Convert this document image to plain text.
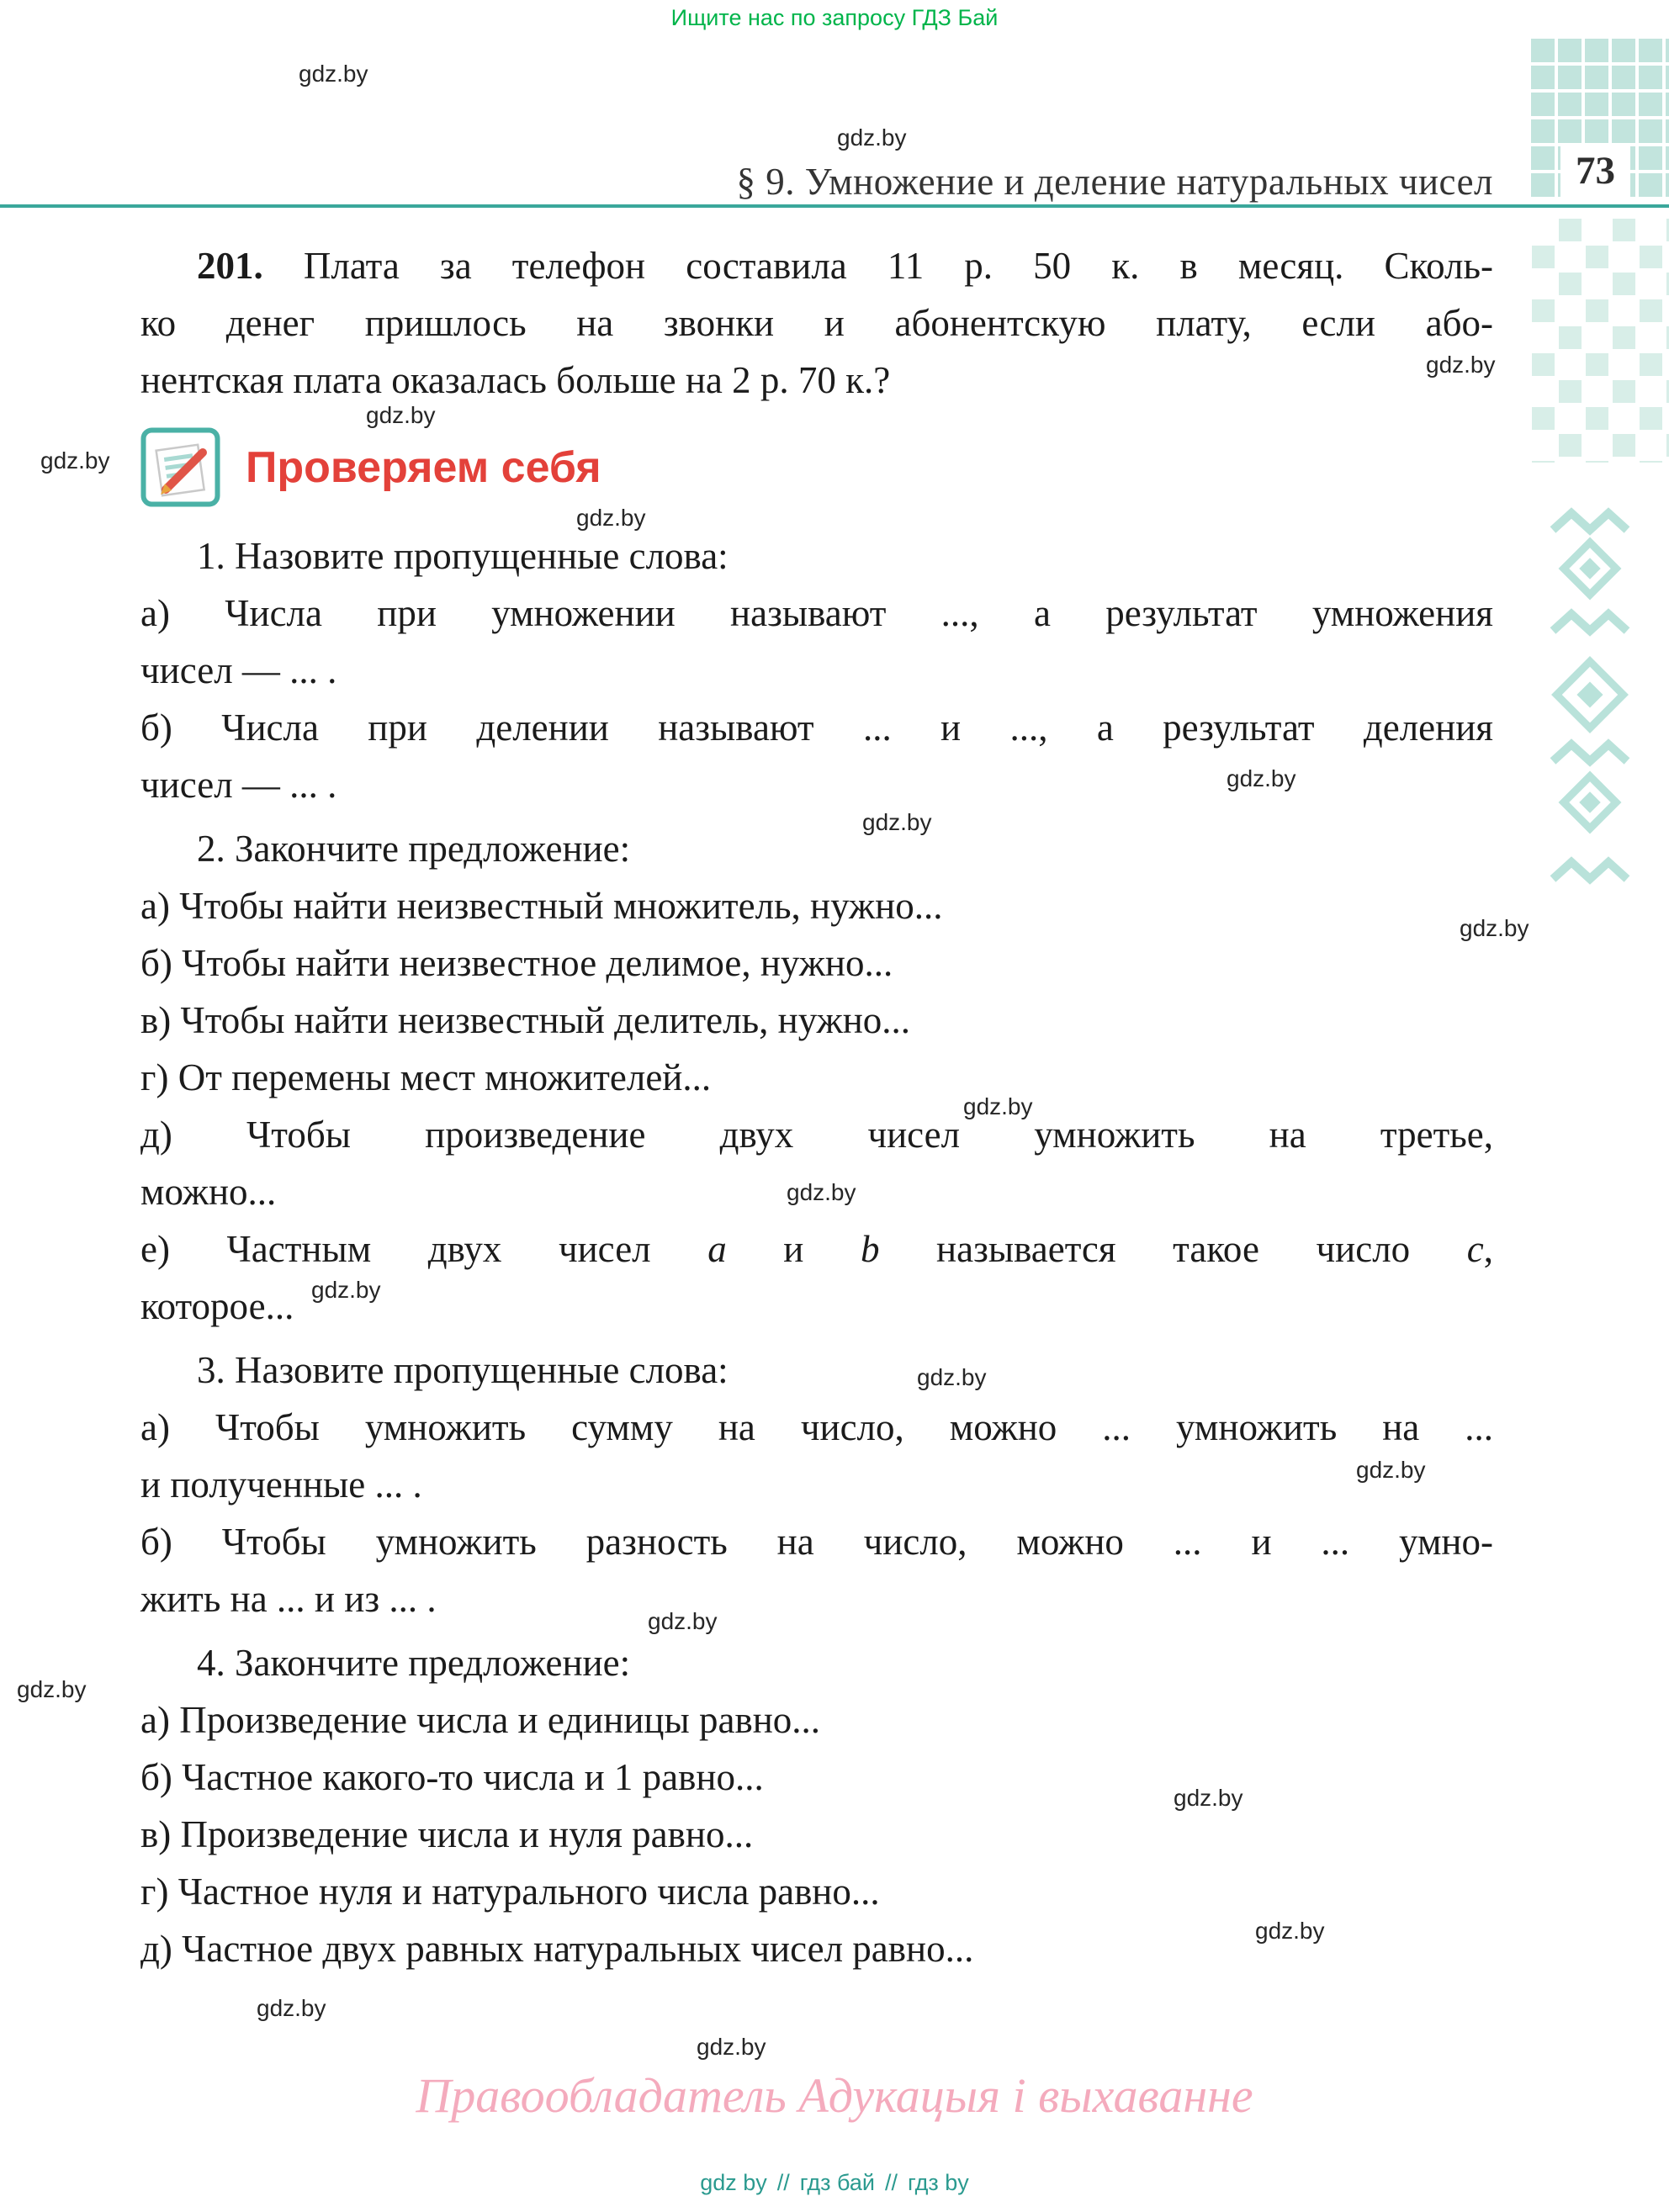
Ищите нас по запросу ГДЗ Бай
§ 9. Умножение и деление натуральных чисел	73
201. Плата за телефон составила 11 р. 50 к. в месяц. Сколь-
ко денег пришлось на звонки и абонентскую плату, если або-
нентская плата оказалась больше на 2 р. 70 к.?
Проверяем себя
1. Назовите пропущенные слова:
а) Числа при умножении называют ..., а результат умножения
чисел — ... .
б) Числа при делении называют ... и ..., а результат деления
чисел — ... .
2. Закончите предложение:
а) Чтобы найти неизвестный множитель, нужно...
б) Чтобы найти неизвестное делимое, нужно...
в) Чтобы найти неизвестный делитель, нужно...
г) От перемены мест множителей...
д) Чтобы произведение двух чисел умножить на третье,
можно...
е) Частным двух чисел a и b называется такое число c,
которое...
3. Назовите пропущенные слова:
а) Чтобы умножить сумму на число, можно ... умножить на ...
и полученные ... .
б) Чтобы умножить разность на число, можно ... и ... умно-
жить на ... и из ... .
4. Закончите предложение:
а) Произведение числа и единицы равно...
б) Частное какого-то числа и 1 равно...
в) Произведение числа и нуля равно...
г) Частное нуля и натурального числа равно...
д) Частное двух равных натуральных чисел равно...
Правообладатель Адукацыя і выхаванне
gdz by // гдз бай // гдз by
gdz.by
gdz.by
gdz.by
gdz.by
gdz.by
gdz.by
gdz.by
gdz.by
gdz.by
gdz.by
gdz.by
gdz.by
gdz.by
gdz.by
gdz.by
gdz.by
gdz.by
gdz.by
gdz.by
gdz.by
